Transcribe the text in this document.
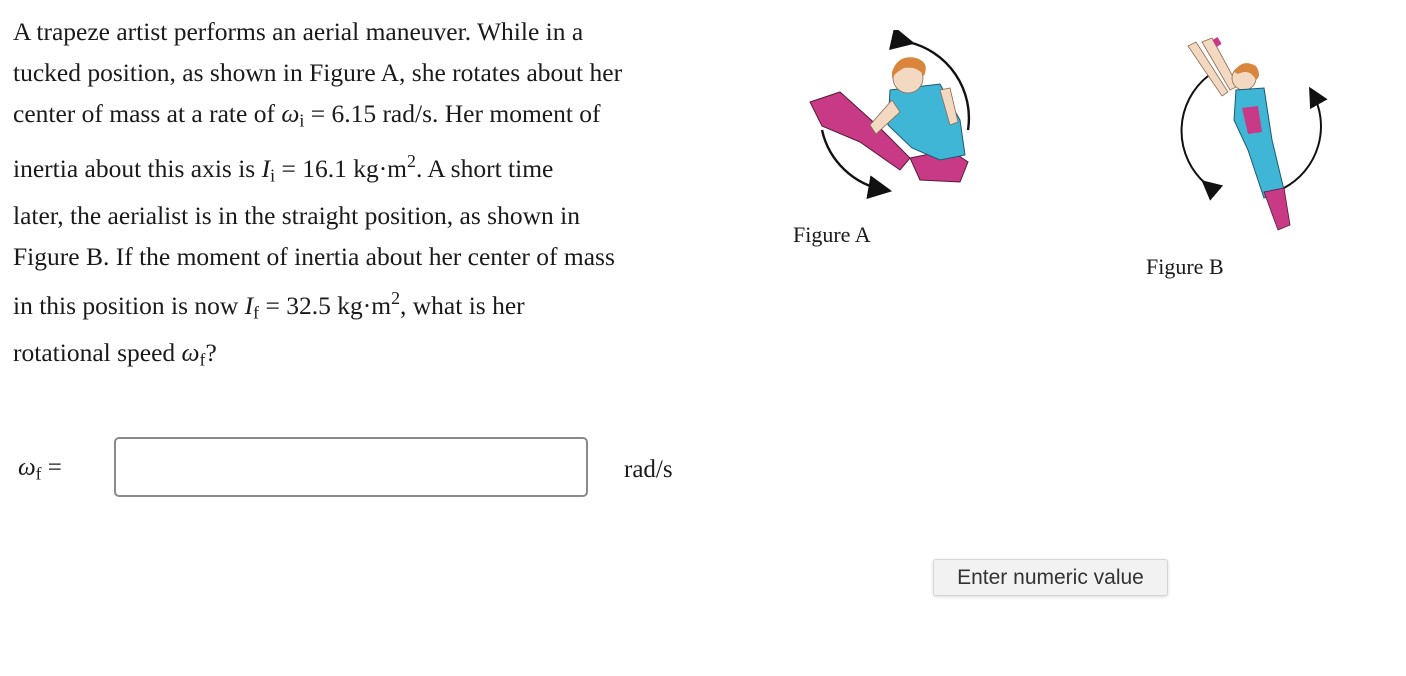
A trapeze artist performs an aerial maneuver. While in a
tucked position, as shown in Figure A, she rotates about her
center of mass at a rate of $\omega_i = 6.15$ rad/s. Her moment of
inertia about this axis is $I_i = 16.1$ $kg\cdot m^2$. A short time
later, the aerialist is in the straight position, as shown in
Figure B. If the moment of inertia about her center of mass
in this position is now $I_f = 32.5$ $kg\cdot m^2$, what is her
rotational speed $\omega_f$?
Figure A
Figure B
$\omega_f$ =	rad/s
Enter numeric value
